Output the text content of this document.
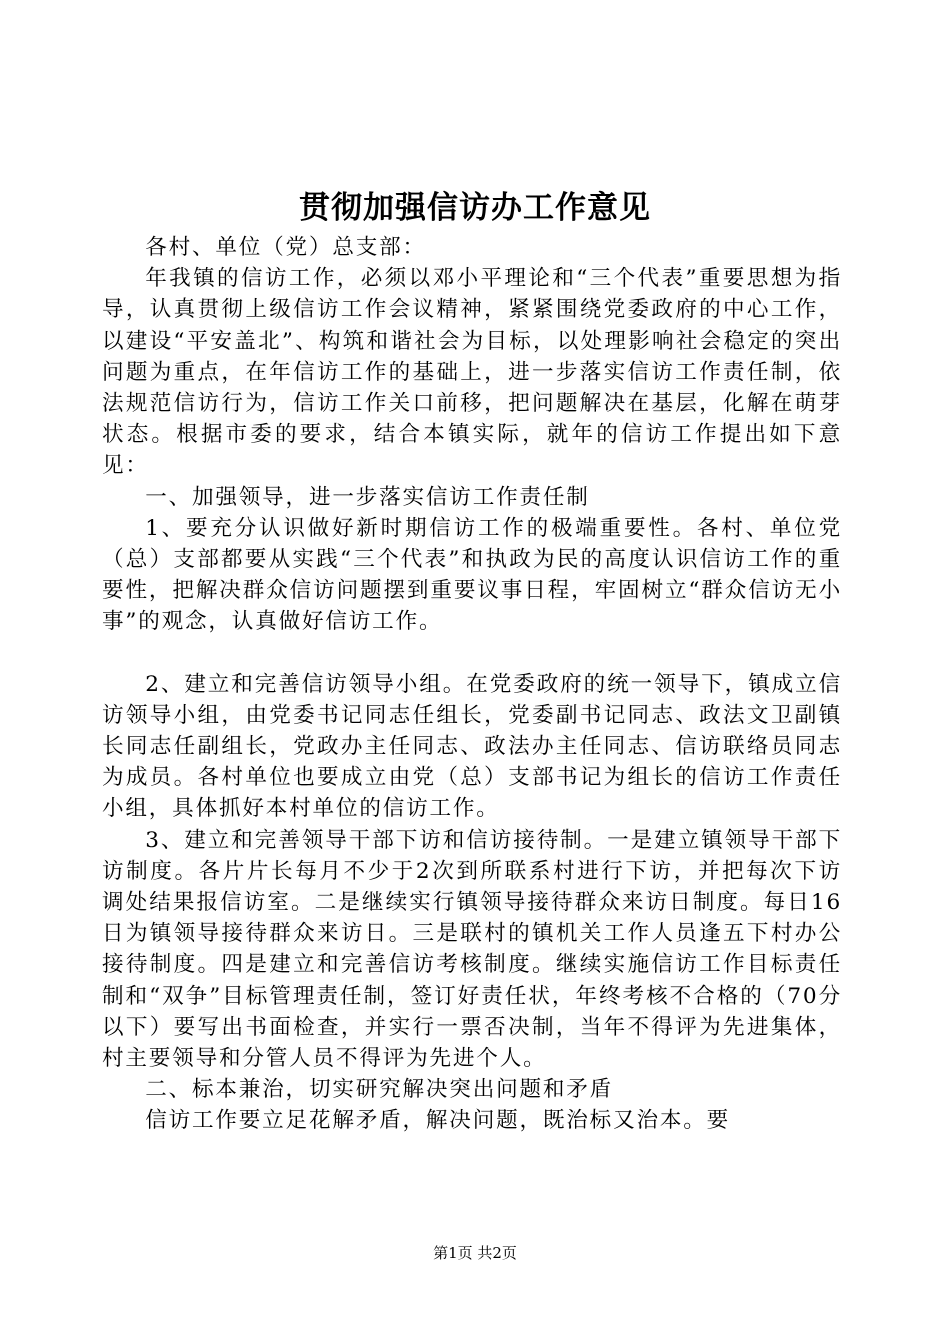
贯彻加强信访办工作意见

各村、单位（党）总支部：

年我镇的信访工作，必须以邓小平理论和“三个代表”重要思想为指导，认真贯彻上级信访工作会议精神，紧紧围绕党委政府的中心工作，以建设“平安盖北”、构筑和谐社会为目标，以处理影响社会稳定的突出问题为重点，在年信访工作的基础上，进一步落实信访工作责任制，依法规范信访行为，信访工作关口前移，把问题解决在基层，化解在萌芽状态。根据市委的要求，结合本镇实际，就年的信访工作提出如下意见：

一、加强领导，进一步落实信访工作责任制

1、要充分认识做好新时期信访工作的极端重要性。各村、单位党（总）支部都要从实践“三个代表”和执政为民的高度认识信访工作的重要性，把解决群众信访问题摆到重要议事日程，牢固树立“群众信访无小事”的观念，认真做好信访工作。

2、建立和完善信访领导小组。在党委政府的统一领导下，镇成立信访领导小组，由党委书记同志任组长，党委副书记同志、政法文卫副镇长同志任副组长，党政办主任同志、政法办主任同志、信访联络员同志为成员。各村单位也要成立由党（总）支部书记为组长的信访工作责任小组，具体抓好本村单位的信访工作。

3、建立和完善领导干部下访和信访接待制。一是建立镇领导干部下访制度。各片片长每月不少于2次到所联系村进行下访，并把每次下访调处结果报信访室。二是继续实行镇领导接待群众来访日制度。每日16日为镇领导接待群众来访日。三是联村的镇机关工作人员逢五下村办公接待制度。四是建立和完善信访考核制度。继续实施信访工作目标责任制和“双争”目标管理责任制，签订好责任状，年终考核不合格的（70分以下）要写出书面检查，并实行一票否决制，当年不得评为先进集体，村主要领导和分管人员不得评为先进个人。

二、标本兼治，切实研究解决突出问题和矛盾

信访工作要立足花解矛盾，解决问题，既治标又治本。要

第1页 共2页
